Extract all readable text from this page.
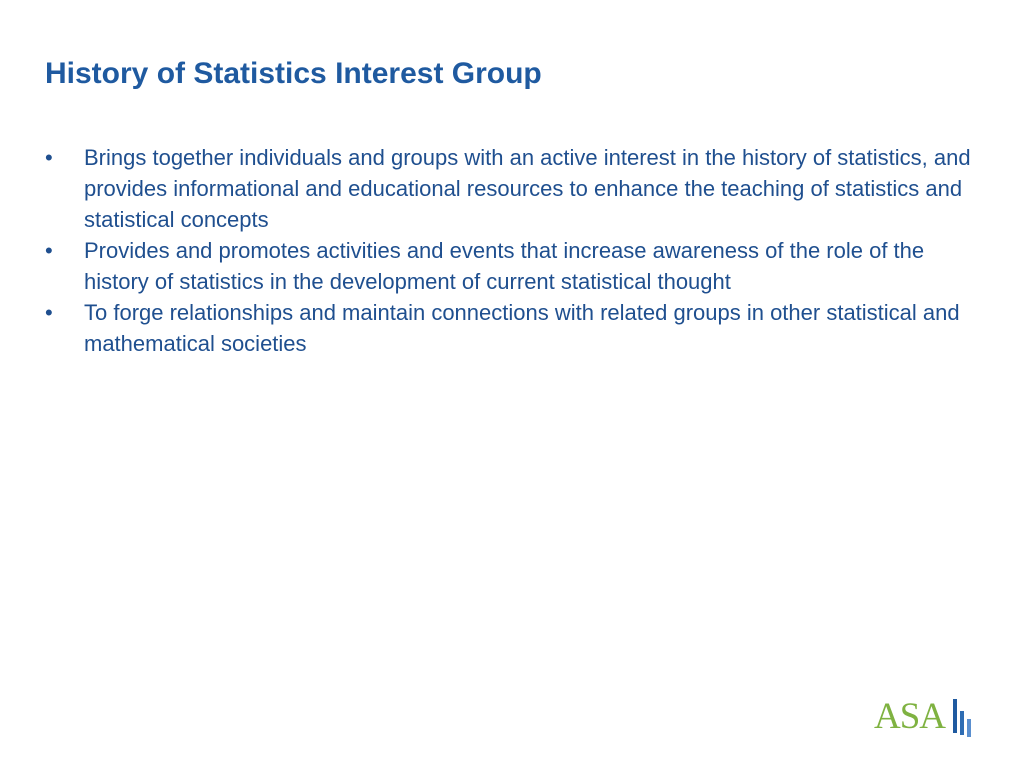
History of Statistics Interest Group
• Brings together individuals and groups with an active interest in the history of statistics, and provides informational and educational resources to enhance the teaching of statistics and statistical concepts
• Provides and promotes activities and events that increase awareness of the role of the history of statistics in the development of current statistical thought
• To forge relationships and maintain connections with related groups in other statistical and mathematical societies
ASA
